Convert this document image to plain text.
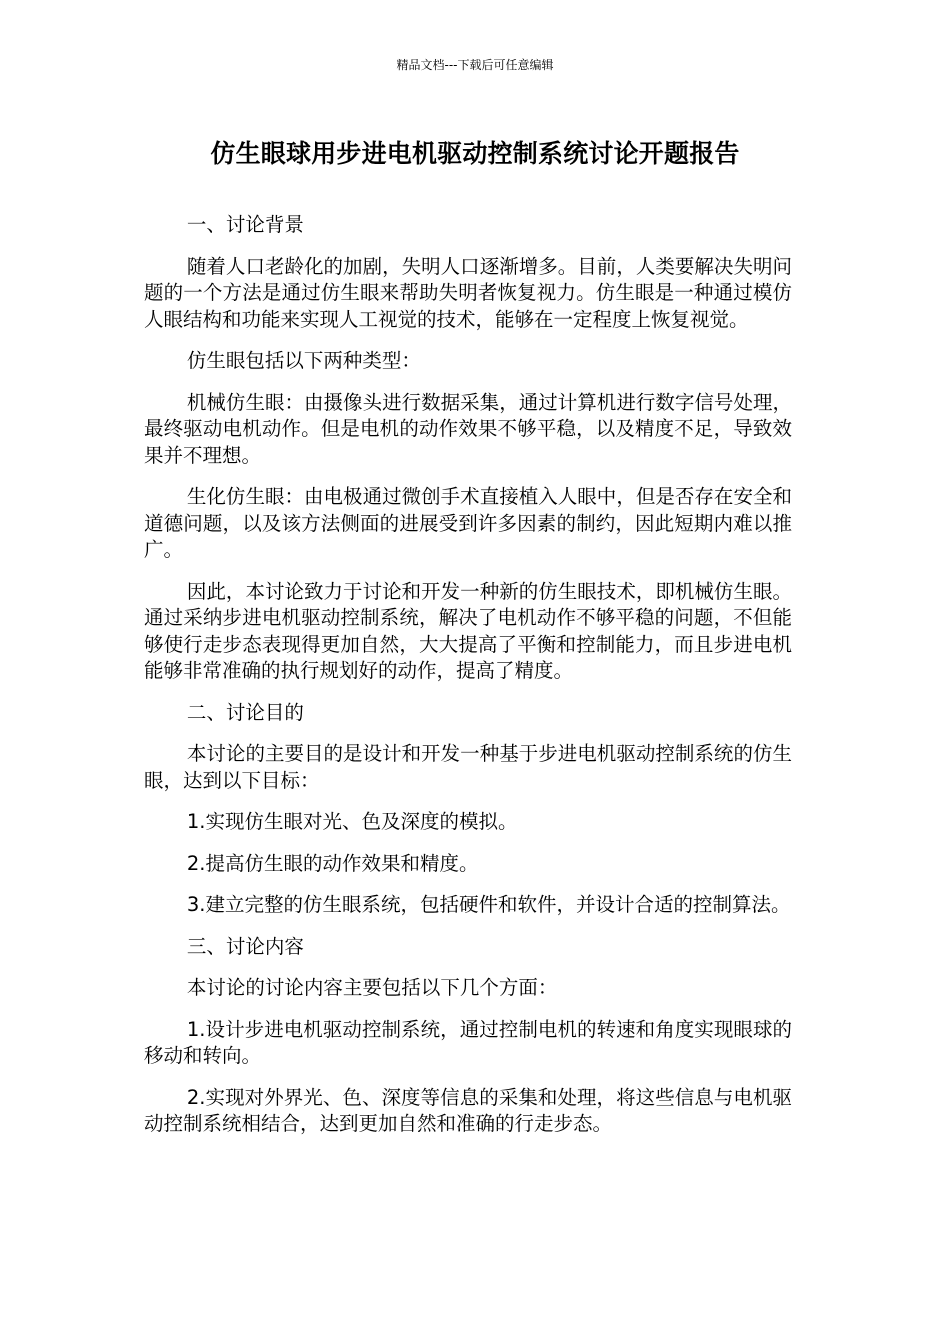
精品文档---下载后可任意编辑
仿生眼球用步进电机驱动控制系统讨论开题报告

一、讨论背景

随着人口老龄化的加剧，失明人口逐渐增多。目前，人类要解决失明问题的一个方法是通过仿生眼来帮助失明者恢复视力。仿生眼是一种通过模仿人眼结构和功能来实现人工视觉的技术，能够在一定程度上恢复视觉。

仿生眼包括以下两种类型：

机械仿生眼：由摄像头进行数据采集，通过计算机进行数字信号处理，最终驱动电机动作。但是电机的动作效果不够平稳，以及精度不足，导致效果并不理想。

生化仿生眼：由电极通过微创手术直接植入人眼中，但是否存在安全和道德问题，以及该方法侧面的进展受到许多因素的制约，因此短期内难以推广。

因此，本讨论致力于讨论和开发一种新的仿生眼技术，即机械仿生眼。通过采纳步进电机驱动控制系统，解决了电机动作不够平稳的问题，不但能够使行走步态表现得更加自然，大大提高了平衡和控制能力，而且步进电机能够非常准确的执行规划好的动作，提高了精度。

二、讨论目的

本讨论的主要目的是设计和开发一种基于步进电机驱动控制系统的仿生眼，达到以下目标：

1.实现仿生眼对光、色及深度的模拟。

2.提高仿生眼的动作效果和精度。

3.建立完整的仿生眼系统，包括硬件和软件，并设计合适的控制算法。

三、讨论内容

本讨论的讨论内容主要包括以下几个方面：

1.设计步进电机驱动控制系统，通过控制电机的转速和角度实现眼球的移动和转向。

2.实现对外界光、色、深度等信息的采集和处理，将这些信息与电机驱动控制系统相结合，达到更加自然和准确的行走步态。
